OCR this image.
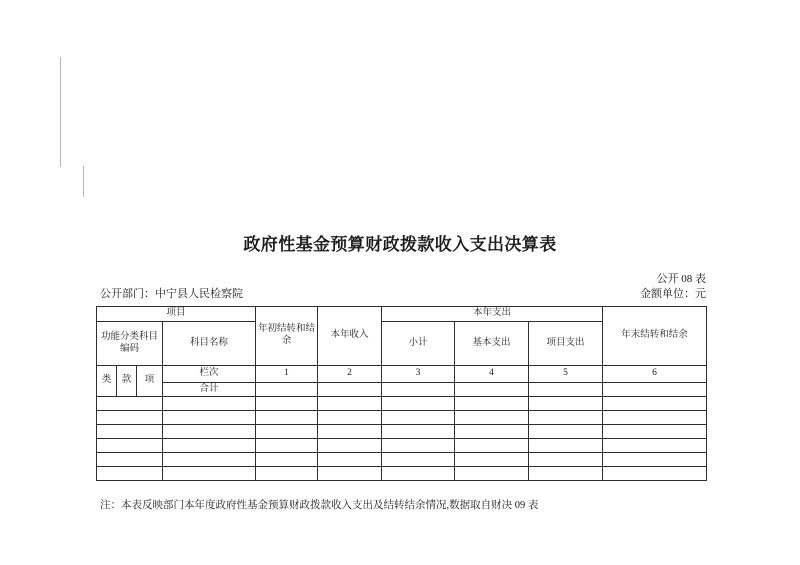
政府性基金预算财政拨款收入支出决算表
公开 08 表
公开部门：中宁县人民检察院	金额单位：元
项目				年初结转和结余	本年收入	本年支出			年末结转和结余
功能分类科目编码			科目名称			小计	基本支出	项目支出	
类	款	项	栏次	1	2	3	4	5	6
			合计						

注：本表反映部门本年度政府性基金预算财政拨款收入支出及结转结余情况,数据取自财决 09 表
